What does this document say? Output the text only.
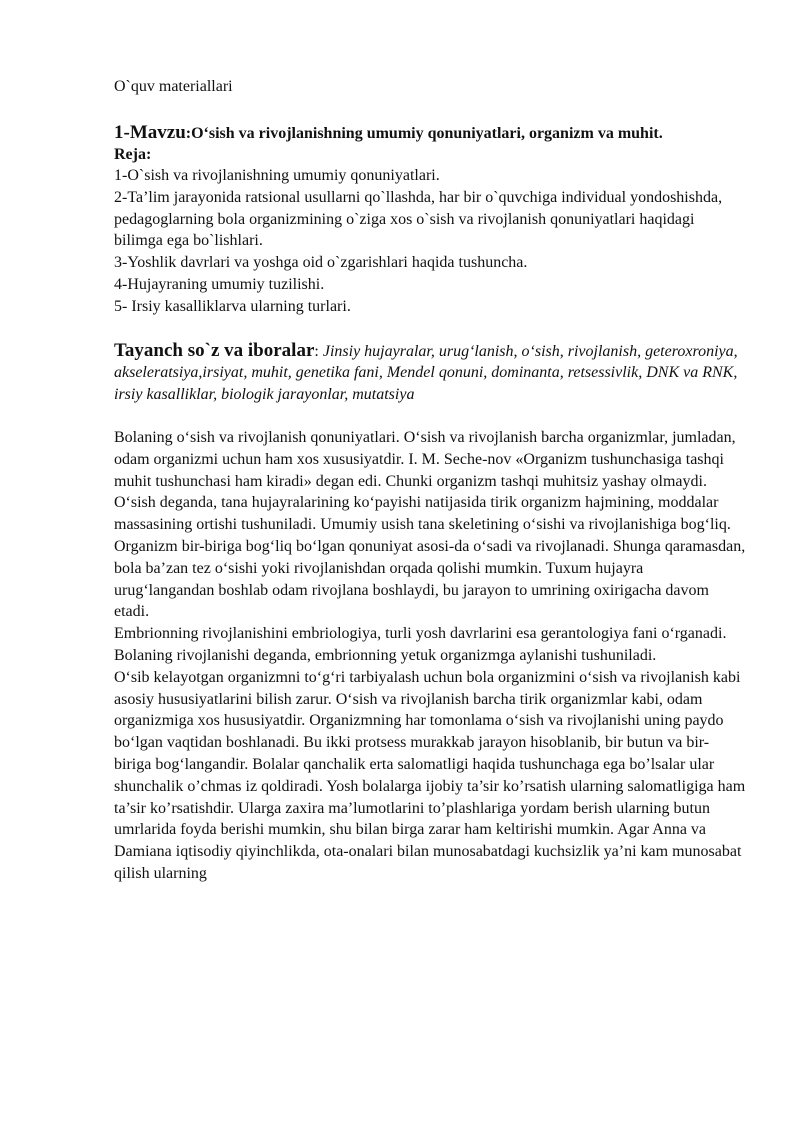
O`quv materiallari

1-Mavzu:O‘sish va rivojlanishning umumiy qonuniyatlari, organizm va muhit.

Reja:

1-O`sish va rivojlanishning umumiy qonuniyatlari.

2-Ta’lim jarayonida ratsional usullarni qo`llashda, har bir o`quvchiga individual yondoshishda, pedagoglarning bola organizmining o`ziga xos o`sish va rivojlanish qonuniyatlari haqidagi bilimga ega bo`lishlari.

3-Yoshlik davrlari va yoshga oid o`zgarishlari haqida tushuncha.

4-Hujayraning umumiy tuzilishi.

5- Irsiy kasalliklarva ularning turlari.

Tayanch so`z va iboralar: Jinsiy hujayralar, urug‘lanish, o‘sish, rivojlanish, geteroxroniya, akseleratsiya,irsiyat, muhit, genetika fani, Mendel qonuni, dominanta, retsessivlik, DNK va RNK, irsiy kasalliklar, biologik jarayonlar, mutatsiya

Bolaning o‘sish va rivojlanish qonuniyatlari. O‘sish va rivojlanish barcha organizmlar, jumladan, odam organizmi uchun ham xos xususiyatdir. I. M. Seche-nov «Organizm tushunchasiga tashqi muhit tushunchasi ham kiradi» degan edi. Chunki organizm tashqi muhitsiz yashay olmaydi.

O‘sish deganda, tana hujayralarining ko‘payishi natijasida tirik organizm hajmining, moddalar massasining ortishi tushuniladi. Umumiy usish tana skeletining o‘sishi va rivojlanishiga bog‘liq.

Organizm bir-biriga bog‘liq bo‘lgan qonuniyat asosi-da o‘sadi va rivojlanadi. Shunga qaramasdan, bola ba’zan tez o‘sishi yoki rivojlanishdan orqada qolishi mumkin. Tuxum hujayra urug‘langandan boshlab odam rivojlana boshlaydi, bu jarayon to umrining oxirigacha davom etadi.

Embrionning rivojlanishini embriologiya, turli yosh davrlarini esa gerantologiya fani o‘rganadi. Bolaning rivojlanishi deganda, embrionning yetuk organizmga aylanishi tushuniladi.

O‘sib kelayotgan organizmni to‘g‘ri tarbiyalash uchun bola organizmini o‘sish va rivojlanish kabi asosiy hususiyatlarini bilish zarur. O‘sish va rivojlanish barcha tirik organizmlar kabi, odam organizmiga xos hususiyatdir. Organizmning har tomonlama o‘sish va rivojlanishi uning paydo bo‘lgan vaqtidan boshlanadi. Bu ikki protsess murakkab jarayon hisoblanib, bir butun va bir-biriga bog‘langandir. Bolalar qanchalik erta salomatligi haqida tushunchaga ega bo’lsalar ular shunchalik o’chmas iz qoldiradi. Yosh bolalarga ijobiy ta’sir ko’rsatish ularning salomatligiga ham ta’sir ko’rsatishdir. Ularga zaxira ma’lumotlarini to’plashlariga yordam berish ularning butun umrlarida foyda berishi mumkin, shu bilan birga zarar ham keltirishi mumkin. Agar Anna va Damiana iqtisodiy qiyinchlikda, ota-onalari bilan munosabatdagi kuchsizlik ya’ni kam munosabat qilish ularning
